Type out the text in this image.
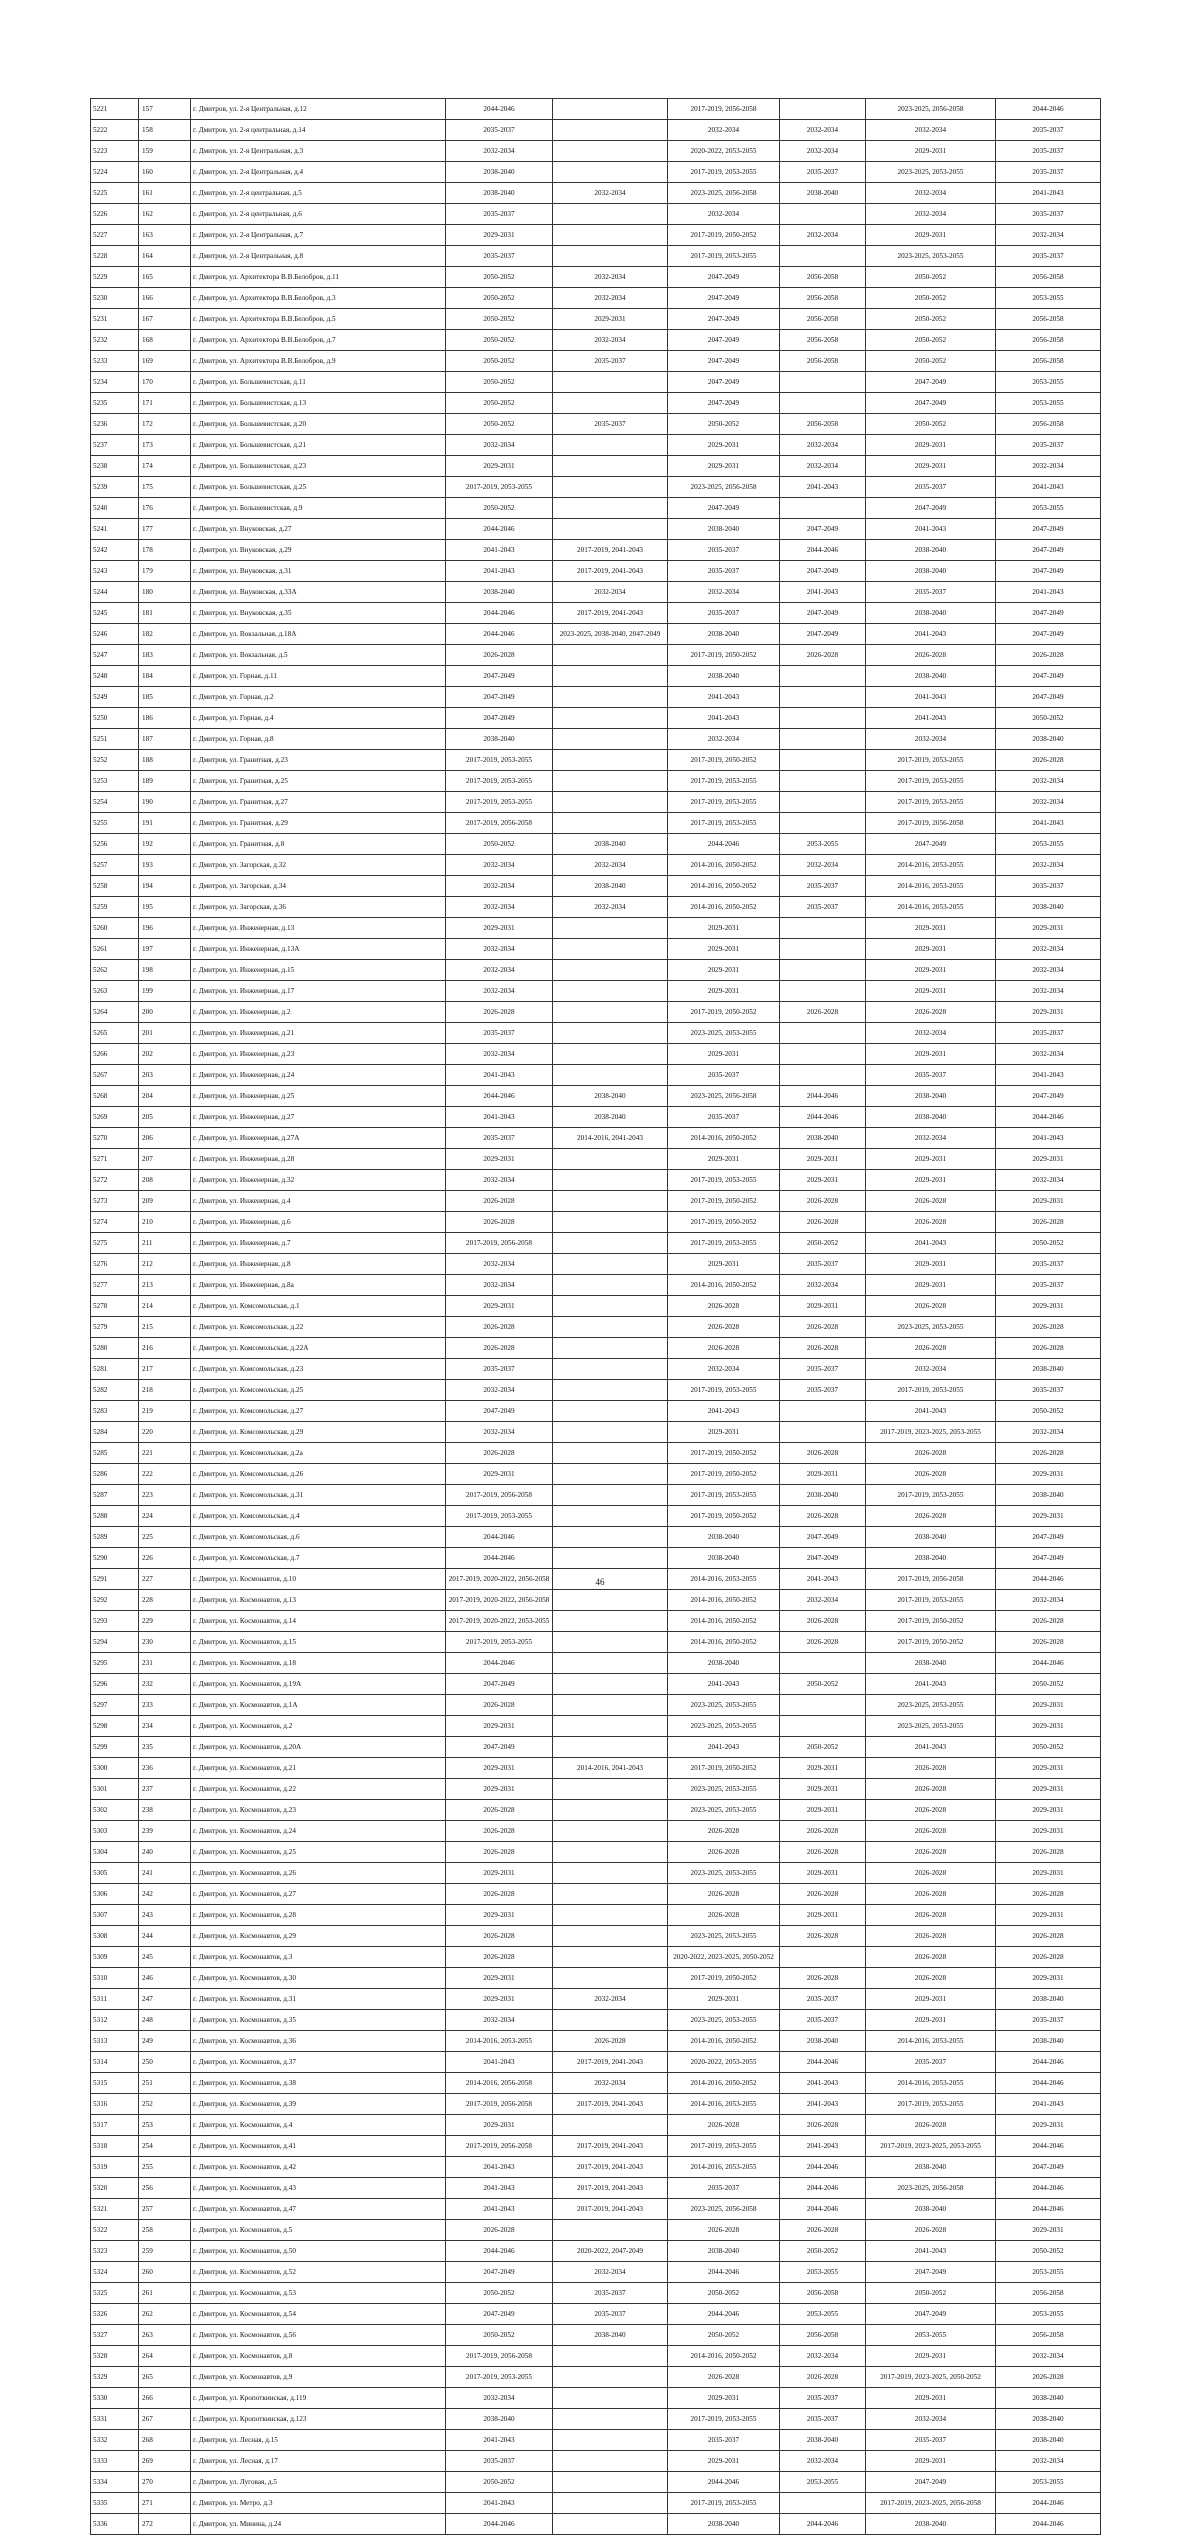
5221	157	г. Дмитров, ул. 2-я Центральная, д.12	2044-2046		2017-2019, 2056-2058		2023-2025, 2056-2058	2044-2046
5222	158	г. Дмитров, ул. 2-я центральная, д.14	2035-2037		2032-2034	2032-2034	2032-2034	2035-2037
5223	159	г. Дмитров, ул. 2-я Центральная, д.3	2032-2034		2020-2022, 2053-2055	2032-2034	2029-2031	2035-2037
5224	160	г. Дмитров, ул. 2-я Центральная, д.4	2038-2040		2017-2019, 2053-2055	2035-2037	2023-2025, 2053-2055	2035-2037
5225	161	г. Дмитров, ул. 2-я центральная, д.5	2038-2040	2032-2034	2023-2025, 2056-2058	2038-2040	2032-2034	2041-2043
5226	162	г. Дмитров, ул. 2-я центральная, д.6	2035-2037		2032-2034		2032-2034	2035-2037
5227	163	г. Дмитров, ул. 2-я Центральная, д.7	2029-2031		2017-2019, 2050-2052	2032-2034	2029-2031	2032-2034
5228	164	г. Дмитров, ул. 2-я Центральная, д.8	2035-2037		2017-2019, 2053-2055		2023-2025, 2053-2055	2035-2037
5229	165	г. Дмитров, ул. Архитектора В.В.Белобров, д.11	2050-2052	2032-2034	2047-2049	2056-2058	2050-2052	2056-2058
5230	166	г. Дмитров, ул. Архитектора В.В.Белобров, д.3	2050-2052	2032-2034	2047-2049	2056-2058	2050-2052	2053-2055
5231	167	г. Дмитров, ул. Архитектора В.В.Белобров, д.5	2050-2052	2029-2031	2047-2049	2056-2058	2050-2052	2056-2058
5232	168	г. Дмитров, ул. Архитектора В.В.Белобров, д.7	2050-2052	2032-2034	2047-2049	2056-2058	2050-2052	2056-2058
5233	169	г. Дмитров, ул. Архитектора В.В.Белобров, д.9	2050-2052	2035-2037	2047-2049	2056-2058	2050-2052	2056-2058
5234	170	г. Дмитров, ул. Большевистская, д.11	2050-2052		2047-2049		2047-2049	2053-2055
5235	171	г. Дмитров, ул. Большевистская, д.13	2050-2052		2047-2049		2047-2049	2053-2055
5236	172	г. Дмитров, ул. Большевистская, д.20	2050-2052	2035-2037	2050-2052	2056-2058	2050-2052	2056-2058
5237	173	г. Дмитров, ул. Большевистская, д.21	2032-2034		2029-2031	2032-2034	2029-2031	2035-2037
5238	174	г. Дмитров, ул. Большевистская, д.23	2029-2031		2029-2031	2032-2034	2029-2031	2032-2034
5239	175	г. Дмитров, ул. Большевистская, д.25	2017-2019, 2053-2055		2023-2025, 2056-2058	2041-2043	2035-2037	2041-2043
5240	176	г. Дмитров, ул. Большевистская, д.9	2050-2052		2047-2049		2047-2049	2053-2055
5241	177	г. Дмитров, ул. Внуковская, д.27	2044-2046		2038-2040	2047-2049	2041-2043	2047-2049
5242	178	г. Дмитров, ул. Внуковская, д.29	2041-2043	2017-2019, 2041-2043	2035-2037	2044-2046	2038-2040	2047-2049
5243	179	г. Дмитров, ул. Внуковская, д.31	2041-2043	2017-2019, 2041-2043	2035-2037	2047-2049	2038-2040	2047-2049
5244	180	г. Дмитров, ул. Внуковская, д.33А	2038-2040	2032-2034	2032-2034	2041-2043	2035-2037	2041-2043
5245	181	г. Дмитров, ул. Внуковская, д.35	2044-2046	2017-2019, 2041-2043	2035-2037	2047-2049	2038-2040	2047-2049
5246	182	г. Дмитров, ул. Вокзальная, д.18А	2044-2046	2023-2025, 2038-2040, 2047-2049	2038-2040	2047-2049	2041-2043	2047-2049
5247	183	г. Дмитров, ул. Вокзальная, д.5	2026-2028		2017-2019, 2050-2052	2026-2028	2026-2028	2026-2028
5248	184	г. Дмитров, ул. Горная, д.11	2047-2049		2038-2040		2038-2040	2047-2049
5249	185	г. Дмитров, ул. Горная, д.2	2047-2049		2041-2043		2041-2043	2047-2049
5250	186	г. Дмитров, ул. Горная, д.4	2047-2049		2041-2043		2041-2043	2050-2052
5251	187	г. Дмитров, ул. Горная, д.8	2038-2040		2032-2034		2032-2034	2038-2040
5252	188	г. Дмитров, ул. Гранитная, д.23	2017-2019, 2053-2055		2017-2019, 2050-2052		2017-2019, 2053-2055	2026-2028
5253	189	г. Дмитров, ул. Гранитная, д.25	2017-2019, 2053-2055		2017-2019, 2053-2055		2017-2019, 2053-2055	2032-2034
5254	190	г. Дмитров, ул. Гранитная, д.27	2017-2019, 2053-2055		2017-2019, 2053-2055		2017-2019, 2053-2055	2032-2034
5255	191	г. Дмитров, ул. Гранитная, д.29	2017-2019, 2056-2058		2017-2019, 2053-2055		2017-2019, 2056-2058	2041-2043
5256	192	г. Дмитров, ул. Гранитная, д.8	2050-2052	2038-2040	2044-2046	2053-2055	2047-2049	2053-2055
5257	193	г. Дмитров, ул. Загорская, д.32	2032-2034	2032-2034	2014-2016, 2050-2052	2032-2034	2014-2016, 2053-2055	2032-2034
5258	194	г. Дмитров, ул. Загорская, д.34	2032-2034	2038-2040	2014-2016, 2050-2052	2035-2037	2014-2016, 2053-2055	2035-2037
5259	195	г. Дмитров, ул. Загорская, д.36	2032-2034	2032-2034	2014-2016, 2050-2052	2035-2037	2014-2016, 2053-2055	2038-2040
5260	196	г. Дмитров, ул. Инженерная, д.13	2029-2031		2029-2031		2029-2031	2029-2031
5261	197	г. Дмитров, ул. Инженерная, д.13А	2032-2034		2029-2031		2029-2031	2032-2034
5262	198	г. Дмитров, ул. Инженерная, д.15	2032-2034		2029-2031		2029-2031	2032-2034
5263	199	г. Дмитров, ул. Инженерная, д.17	2032-2034		2029-2031		2029-2031	2032-2034
5264	200	г. Дмитров, ул. Инженерная, д.2	2026-2028		2017-2019, 2050-2052	2026-2028	2026-2028	2029-2031
5265	201	г. Дмитров, ул. Инженерная, д.21	2035-2037		2023-2025, 2053-2055		2032-2034	2035-2037
5266	202	г. Дмитров, ул. Инженерная, д.23	2032-2034		2029-2031		2029-2031	2032-2034
5267	203	г. Дмитров, ул. Инженерная, д.24	2041-2043		2035-2037		2035-2037	2041-2043
5268	204	г. Дмитров, ул. Инженерная, д.25	2044-2046	2038-2040	2023-2025, 2056-2058	2044-2046	2038-2040	2047-2049
5269	205	г. Дмитров, ул. Инженерная, д.27	2041-2043	2038-2040	2035-2037	2044-2046	2038-2040	2044-2046
5270	206	г. Дмитров, ул. Инженерная, д.27А	2035-2037	2014-2016, 2041-2043	2014-2016, 2050-2052	2038-2040	2032-2034	2041-2043
5271	207	г. Дмитров, ул. Инженерная, д.28	2029-2031		2029-2031	2029-2031	2029-2031	2029-2031
5272	208	г. Дмитров, ул. Инженерная, д.32	2032-2034		2017-2019, 2053-2055	2029-2031	2029-2031	2032-2034
5273	209	г. Дмитров, ул. Инженерная, д.4	2026-2028		2017-2019, 2050-2052	2026-2028	2026-2028	2029-2031
5274	210	г. Дмитров, ул. Инженерная, д.6	2026-2028		2017-2019, 2050-2052	2026-2028	2026-2028	2026-2028
5275	211	г. Дмитров, ул. Инженерная, д.7	2017-2019, 2056-2058		2017-2019, 2053-2055	2050-2052	2041-2043	2050-2052
5276	212	г. Дмитров, ул. Инженерная, д.8	2032-2034		2029-2031	2035-2037	2029-2031	2035-2037
5277	213	г. Дмитров, ул. Инженерная, д.8а	2032-2034		2014-2016, 2050-2052	2032-2034	2029-2031	2035-2037
5278	214	г. Дмитров, ул. Комсомольская, д.1	2029-2031		2026-2028	2029-2031	2026-2028	2029-2031
5279	215	г. Дмитров, ул. Комсомольская, д.22	2026-2028		2026-2028	2026-2028	2023-2025, 2053-2055	2026-2028
5280	216	г. Дмитров, ул. Комсомольская, д.22А	2026-2028		2026-2028	2026-2028	2026-2028	2026-2028
5281	217	г. Дмитров, ул. Комсомольская, д.23	2035-2037		2032-2034	2035-2037	2032-2034	2038-2040
5282	218	г. Дмитров, ул. Комсомольская, д.25	2032-2034		2017-2019, 2053-2055	2035-2037	2017-2019, 2053-2055	2035-2037
5283	219	г. Дмитров, ул. Комсомольская, д.27	2047-2049		2041-2043		2041-2043	2050-2052
5284	220	г. Дмитров, ул. Комсомольская, д.29	2032-2034		2029-2031		2017-2019, 2023-2025, 2053-2055	2032-2034
5285	221	г. Дмитров, ул. Комсомольская, д.2а	2026-2028		2017-2019, 2050-2052	2026-2028	2026-2028	2026-2028
5286	222	г. Дмитров, ул. Комсомольская, д.26	2029-2031		2017-2019, 2050-2052	2029-2031	2026-2028	2029-2031
5287	223	г. Дмитров, ул. Комсомольская, д.31	2017-2019, 2056-2058		2017-2019, 2053-2055	2038-2040	2017-2019, 2053-2055	2038-2040
5288	224	г. Дмитров, ул. Комсомольская, д.4	2017-2019, 2053-2055		2017-2019, 2050-2052	2026-2028	2026-2028	2029-2031
5289	225	г. Дмитров, ул. Комсомольская, д.6	2044-2046		2038-2040	2047-2049	2038-2040	2047-2049
5290	226	г. Дмитров, ул. Комсомольская, д.7	2044-2046		2038-2040	2047-2049	2038-2040	2047-2049
5291	227	г. Дмитров, ул. Космонавтов, д.10	2017-2019, 2020-2022, 2056-2058		2014-2016, 2053-2055	2041-2043	2017-2019, 2056-2058	2044-2046
5292	228	г. Дмитров, ул. Космонавтов, д.13	2017-2019, 2020-2022, 2056-2058		2014-2016, 2050-2052	2032-2034	2017-2019, 2053-2055	2032-2034
5293	229	г. Дмитров, ул. Космонавтов, д.14	2017-2019, 2020-2022, 2053-2055		2014-2016, 2050-2052	2026-2028	2017-2019, 2050-2052	2026-2028
5294	230	г. Дмитров, ул. Космонавтов, д.15	2017-2019, 2053-2055		2014-2016, 2050-2052	2026-2028	2017-2019, 2050-2052	2026-2028
5295	231	г. Дмитров, ул. Космонавтов, д.18	2044-2046		2038-2040		2038-2040	2044-2046
5296	232	г. Дмитров, ул. Космонавтов, д.19А	2047-2049		2041-2043	2050-2052	2041-2043	2050-2052
5297	233	г. Дмитров, ул. Космонавтов, д.1А	2026-2028		2023-2025, 2053-2055		2023-2025, 2053-2055	2029-2031
5298	234	г. Дмитров, ул. Космонавтов, д.2	2029-2031		2023-2025, 2053-2055		2023-2025, 2053-2055	2029-2031
5299	235	г. Дмитров, ул. Космонавтов, д.20А	2047-2049		2041-2043	2050-2052	2041-2043	2050-2052
5300	236	г. Дмитров, ул. Космонавтов, д.21	2029-2031	2014-2016, 2041-2043	2017-2019, 2050-2052	2029-2031	2026-2028	2029-2031
5301	237	г. Дмитров, ул. Космонавтов, д.22	2029-2031		2023-2025, 2053-2055	2029-2031	2026-2028	2029-2031
5302	238	г. Дмитров, ул. Космонавтов, д.23	2026-2028		2023-2025, 2053-2055	2029-2031	2026-2028	2029-2031
5303	239	г. Дмитров, ул. Космонавтов, д.24	2026-2028		2026-2028	2026-2028	2026-2028	2029-2031
5304	240	г. Дмитров, ул. Космонавтов, д.25	2026-2028		2026-2028	2026-2028	2026-2028	2026-2028
5305	241	г. Дмитров, ул. Космонавтов, д.26	2029-2031		2023-2025, 2053-2055	2029-2031	2026-2028	2029-2031
5306	242	г. Дмитров, ул. Космонавтов, д.27	2026-2028		2026-2028	2026-2028	2026-2028	2026-2028
5307	243	г. Дмитров, ул. Космонавтов, д.28	2029-2031		2026-2028	2029-2031	2026-2028	2029-2031
5308	244	г. Дмитров, ул. Космонавтов, д.29	2026-2028		2023-2025, 2053-2055	2026-2028	2026-2028	2026-2028
5309	245	г. Дмитров, ул. Космонавтов, д.3	2026-2028		2020-2022, 2023-2025, 2050-2052		2026-2028	2026-2028
5310	246	г. Дмитров, ул. Космонавтов, д.30	2029-2031		2017-2019, 2050-2052	2026-2028	2026-2028	2029-2031
5311	247	г. Дмитров, ул. Космонавтов, д.31	2029-2031	2032-2034	2029-2031	2035-2037	2029-2031	2038-2040
5312	248	г. Дмитров, ул. Космонавтов, д.35	2032-2034		2023-2025, 2053-2055	2035-2037	2029-2031	2035-2037
5313	249	г. Дмитров, ул. Космонавтов, д.36	2014-2016, 2053-2055	2026-2028	2014-2016, 2050-2052	2038-2040	2014-2016, 2053-2055	2038-2040
5314	250	г. Дмитров, ул. Космонавтов, д.37	2041-2043	2017-2019, 2041-2043	2020-2022, 2053-2055	2044-2046	2035-2037	2044-2046
5315	251	г. Дмитров, ул. Космонавтов, д.38	2014-2016, 2056-2058	2032-2034	2014-2016, 2050-2052	2041-2043	2014-2016, 2053-2055	2044-2046
5316	252	г. Дмитров, ул. Космонавтов, д.39	2017-2019, 2056-2058	2017-2019, 2041-2043	2014-2016, 2053-2055	2041-2043	2017-2019, 2053-2055	2041-2043
5317	253	г. Дмитров, ул. Космонавтов, д.4	2029-2031		2026-2028	2026-2028	2026-2028	2029-2031
5318	254	г. Дмитров, ул. Космонавтов, д.41	2017-2019, 2056-2058	2017-2019, 2041-2043	2017-2019, 2053-2055	2041-2043	2017-2019, 2023-2025, 2053-2055	2044-2046
5319	255	г. Дмитров, ул. Космонавтов, д.42	2041-2043	2017-2019, 2041-2043	2014-2016, 2053-2055	2044-2046	2038-2040	2047-2049
5320	256	г. Дмитров, ул. Космонавтов, д.43	2041-2043	2017-2019, 2041-2043	2035-2037	2044-2046	2023-2025, 2056-2058	2044-2046
5321	257	г. Дмитров, ул. Космонавтов, д.47	2041-2043	2017-2019, 2041-2043	2023-2025, 2056-2058	2044-2046	2038-2040	2044-2046
5322	258	г. Дмитров, ул. Космонавтов, д.5	2026-2028		2026-2028	2026-2028	2026-2028	2029-2031
5323	259	г. Дмитров, ул. Космонавтов, д.50	2044-2046	2020-2022, 2047-2049	2038-2040	2050-2052	2041-2043	2050-2052
5324	260	г. Дмитров, ул. Космонавтов, д.52	2047-2049	2032-2034	2044-2046	2053-2055	2047-2049	2053-2055
5325	261	г. Дмитров, ул. Космонавтов, д.53	2050-2052	2035-2037	2050-2052	2056-2058	2050-2052	2056-2058
5326	262	г. Дмитров, ул. Космонавтов, д.54	2047-2049	2035-2037	2044-2046	2053-2055	2047-2049	2053-2055
5327	263	г. Дмитров, ул. Космонавтов, д.56	2050-2052	2038-2040	2050-2052	2056-2058	2053-2055	2056-2058
5328	264	г. Дмитров, ул. Космонавтов, д.8	2017-2019, 2056-2058		2014-2016, 2050-2052	2032-2034	2029-2031	2032-2034
5329	265	г. Дмитров, ул. Космонавтов, д.9	2017-2019, 2053-2055		2026-2028	2026-2028	2017-2019, 2023-2025, 2050-2052	2026-2028
5330	266	г. Дмитров, ул. Кропоткинская, д.119	2032-2034		2029-2031	2035-2037	2029-2031	2038-2040
5331	267	г. Дмитров, ул. Кропоткинская, д.123	2038-2040		2017-2019, 2053-2055	2035-2037	2032-2034	2038-2040
5332	268	г. Дмитров, ул. Лесная, д.15	2041-2043		2035-2037	2038-2040	2035-2037	2038-2040
5333	269	г. Дмитров, ул. Лесная, д.17	2035-2037		2029-2031	2032-2034	2029-2031	2032-2034
5334	270	г. Дмитров, ул. Луговая, д.5	2050-2052		2044-2046	2053-2055	2047-2049	2053-2055
5335	271	г. Дмитров, ул. Метро, д.3	2041-2043		2017-2019, 2053-2055		2017-2019, 2023-2025, 2056-2058	2044-2046
5336	272	г. Дмитров, ул. Минина, д.24	2044-2046		2038-2040	2044-2046	2038-2040	2044-2046
46
